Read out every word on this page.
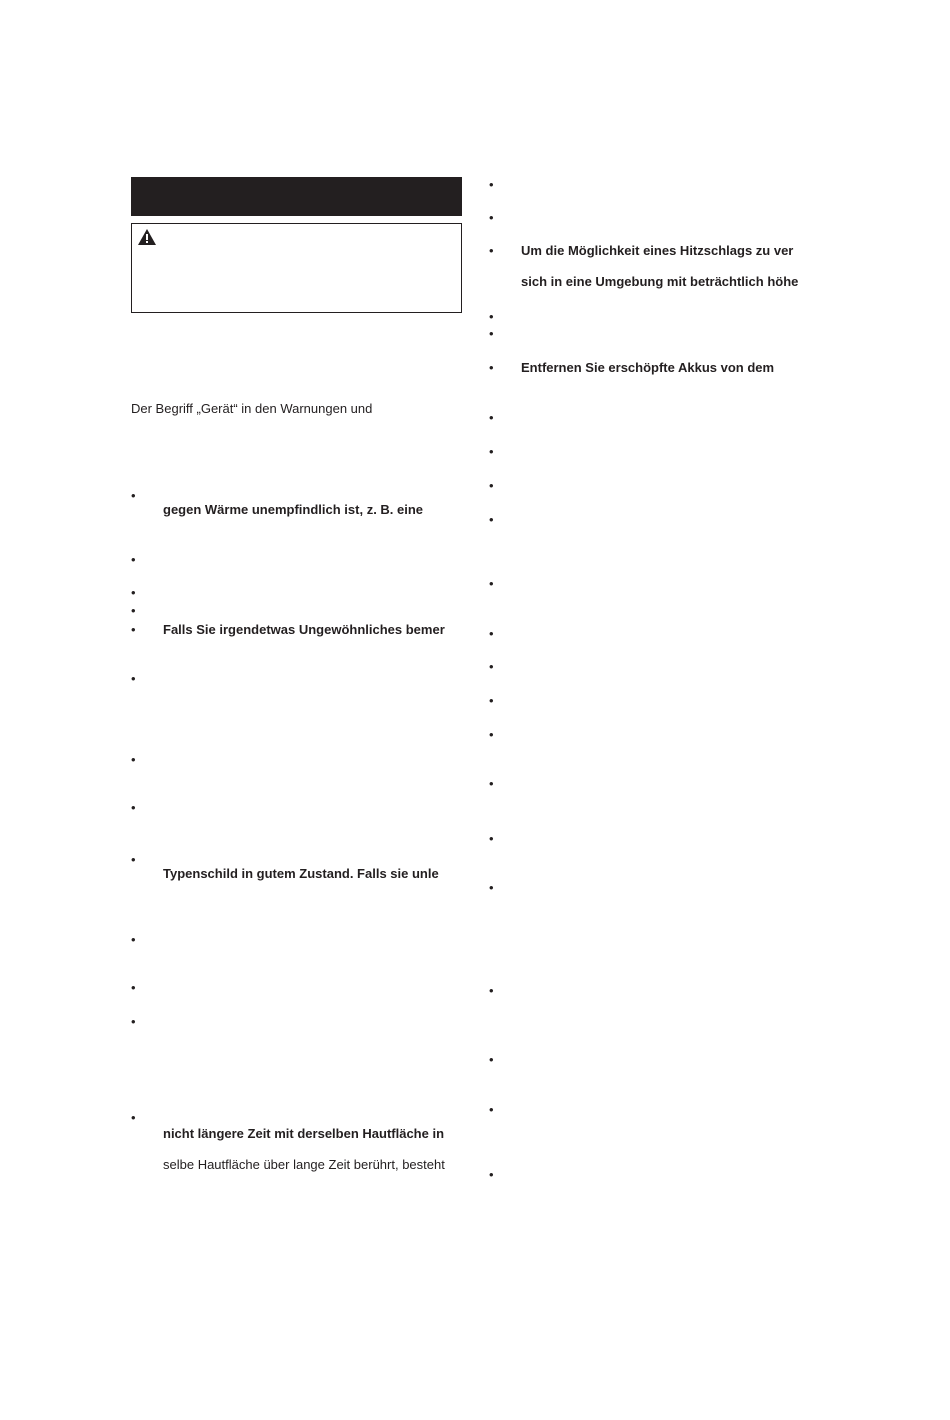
Der Begriff „Gerät“ in den Warnungen und
•
gegen Wärme unempfindlich ist, z. B. eine
•
•
•
• Falls Sie irgendetwas Ungewöhnliches bemer
•
•
•
•
Typenschild in gutem Zustand. Falls sie unle
•
•
•
•
nicht längere Zeit mit derselben Hautfläche in
selbe Hautfläche über lange Zeit berührt, besteht
•
•
• Um die Möglichkeit eines Hitzschlags zu ver
sich in eine Umgebung mit beträchtlich höhe
•
•
• Entfernen Sie erschöpfte Akkus von dem
•
•
•
•
•
•
•
•
•
•
•
•
•
•
•
•
